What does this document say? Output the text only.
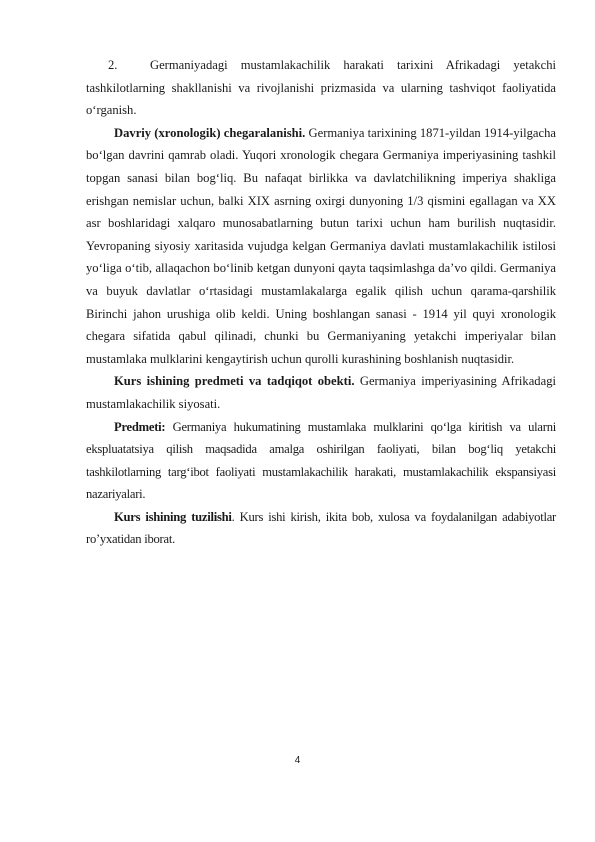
2.	Germaniyadagi mustamlakachilik harakati tarixini Afrikadagi yetakchi tashkilotlarning shakllanishi va rivojlanishi prizmasida va ularning tashviqot faoliyatida o‘rganish.

Davriy (xronologik) chegaralanishi. Germaniya tarixining 1871-yildan 1914-yilgacha bo‘lgan davrini qamrab oladi. Yuqori xronologik chegara Germaniya imperiyasining tashkil topgan sanasi bilan bog‘liq. Bu nafaqat birlikka va davlatchilikning imperiya shakliga erishgan nemislar uchun, balki XIX asrning oxirgi dunyoning 1/3 qismini egallagan va XX asr boshlaridagi xalqaro munosabatlarning butun tarixi uchun ham burilish nuqtasidir. Yevropaning siyosiy xaritasida vujudga kelgan Germaniya davlati mustamlakachilik istilosi yo‘liga o‘tib, allaqachon bo‘linib ketgan dunyoni qayta taqsimlashga da’vo qildi. Germaniya va buyuk davlatlar o‘rtasidagi mustamlakalarga egalik qilish uchun qarama-qarshilik Birinchi jahon urushiga olib keldi. Uning boshlangan sanasi - 1914 yil quyi xronologik chegara sifatida qabul qilinadi, chunki bu Germaniyaning yetakchi imperiyalar bilan mustamlaka mulklarini kengaytirish uchun qurolli kurashining boshlanish nuqtasidir.

Kurs ishining predmeti va tadqiqot obekti. Germaniya imperiyasining Afrikadagi mustamlakachilik siyosati.

Predmeti: Germaniya hukumatining mustamlaka mulklarini qo‘lga kiritish va ularni ekspluatatsiya qilish maqsadida amalga oshirilgan faoliyati, bilan bog‘liq yetakchi tashkilotlarning targ‘ibot faoliyati mustamlakachilik harakati, mustamlakachilik ekspansiyasi nazariyalari.

Kurs ishining tuzilishi. Kurs ishi kirish, ikita bob, xulosa va foydalanilgan adabiyotlar ro’yxatidan iborat.

4
